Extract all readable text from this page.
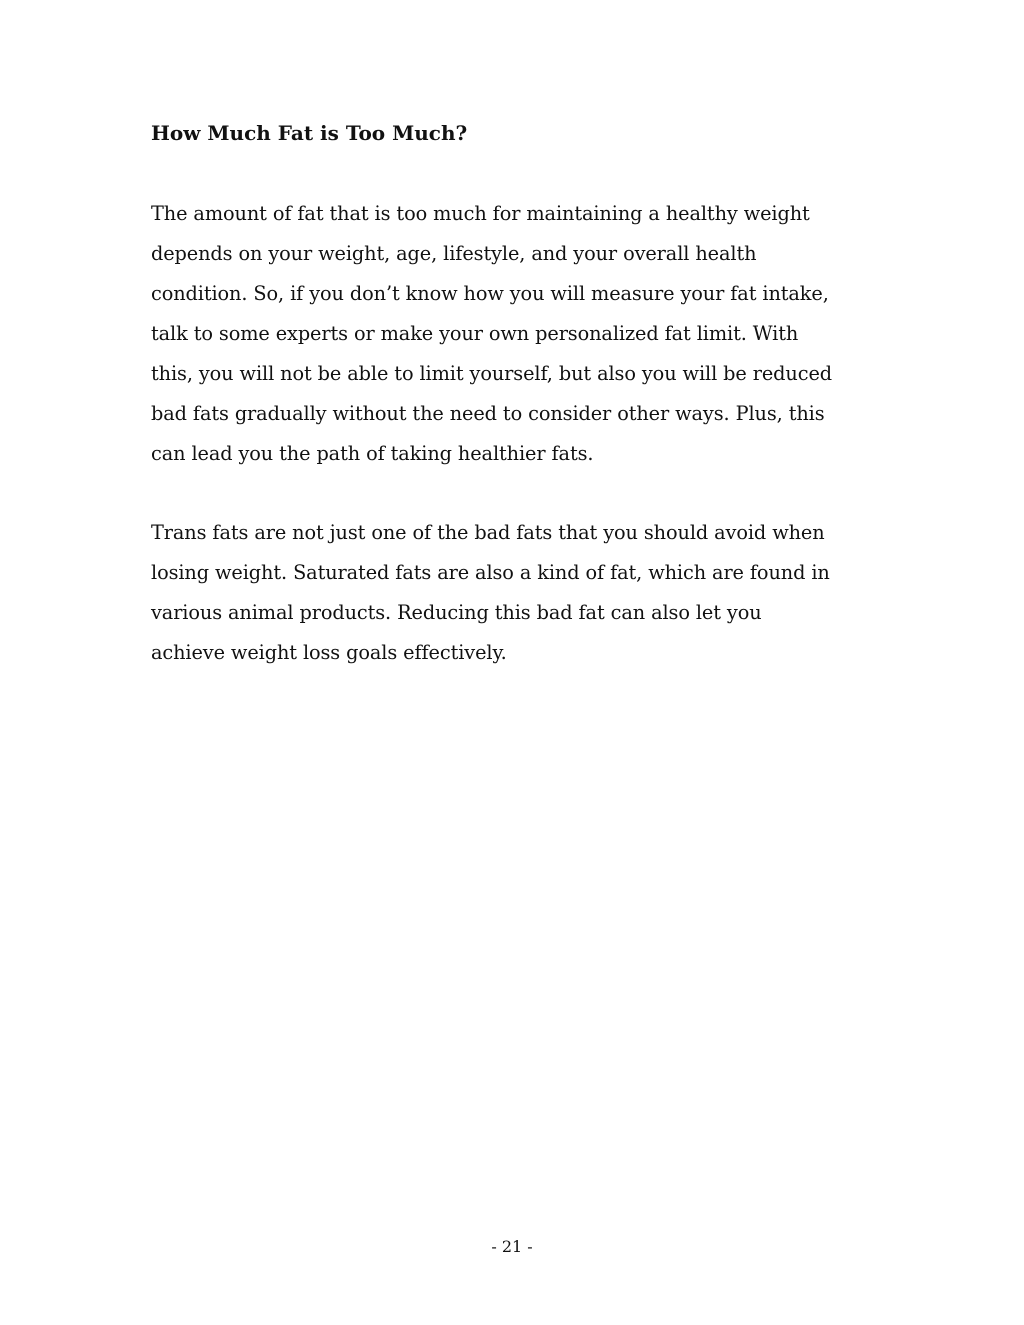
How Much Fat is Too Much?

The amount of fat that is too much for maintaining a healthy weight
depends on your weight, age, lifestyle, and your overall health
condition. So, if you don’t know how you will measure your fat intake,
talk to some experts or make your own personalized fat limit. With
this, you will not be able to limit yourself, but also you will be reduced
bad fats gradually without the need to consider other ways. Plus, this
can lead you the path of taking healthier fats.

Trans fats are not just one of the bad fats that you should avoid when
losing weight. Saturated fats are also a kind of fat, which are found in
various animal products. Reducing this bad fat can also let you
achieve weight loss goals effectively.

- 21 -
